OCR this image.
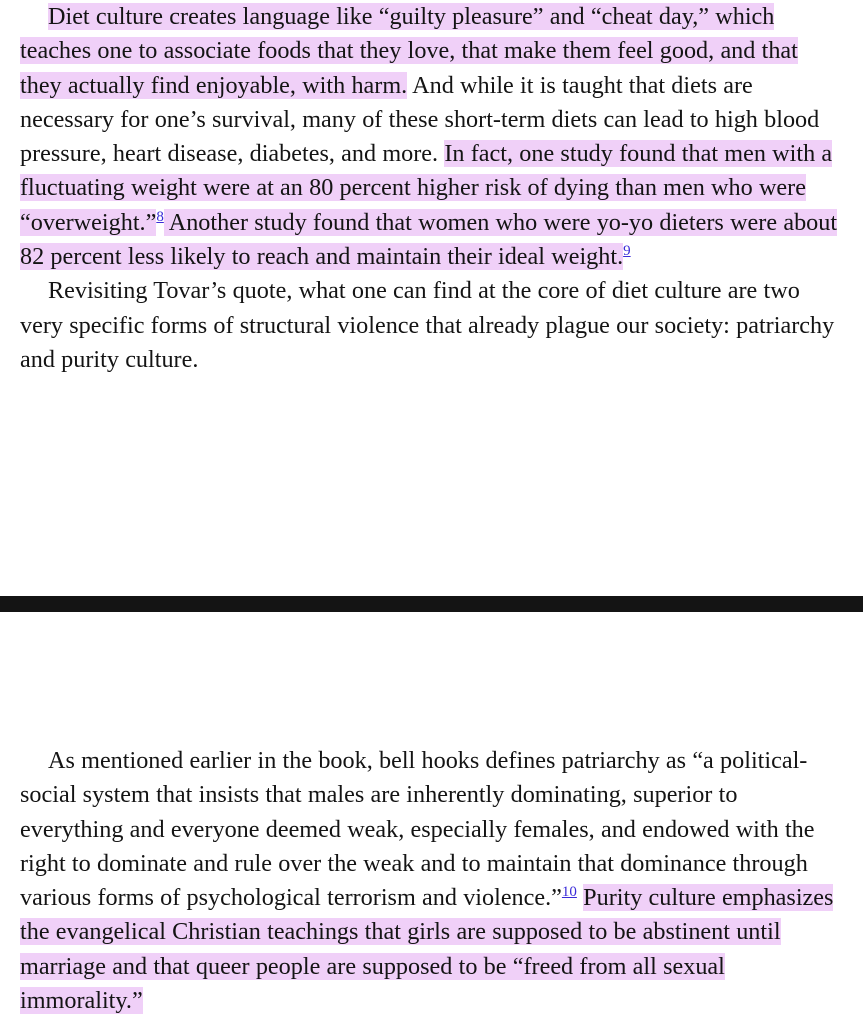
Diet culture creates language like “guilty pleasure” and “cheat day,” which teaches one to associate foods that they love, that make them feel good, and that they actually find enjoyable, with harm. And while it is taught that diets are necessary for one’s survival, many of these short-term diets can lead to high blood pressure, heart disease, diabetes, and more. In fact, one study found that men with a fluctuating weight were at an 80 percent higher risk of dying than men who were “overweight.”$^8$ Another study found that women who were yo-yo dieters were about 82 percent less likely to reach and maintain their ideal weight.$^9$

Revisiting Tovar’s quote, what one can find at the core of diet culture are two very specific forms of structural violence that already plague our society: patriarchy and purity culture.

As mentioned earlier in the book, bell hooks defines patriarchy as “a political-social system that insists that males are inherently dominating, superior to everything and everyone deemed weak, especially females, and endowed with the right to dominate and rule over the weak and to maintain that dominance through various forms of psychological terrorism and violence.”$^{10}$ Purity culture emphasizes the evangelical Christian teachings that girls are supposed to be abstinent until marriage and that queer people are supposed to be “freed from all sexual immorality.”
